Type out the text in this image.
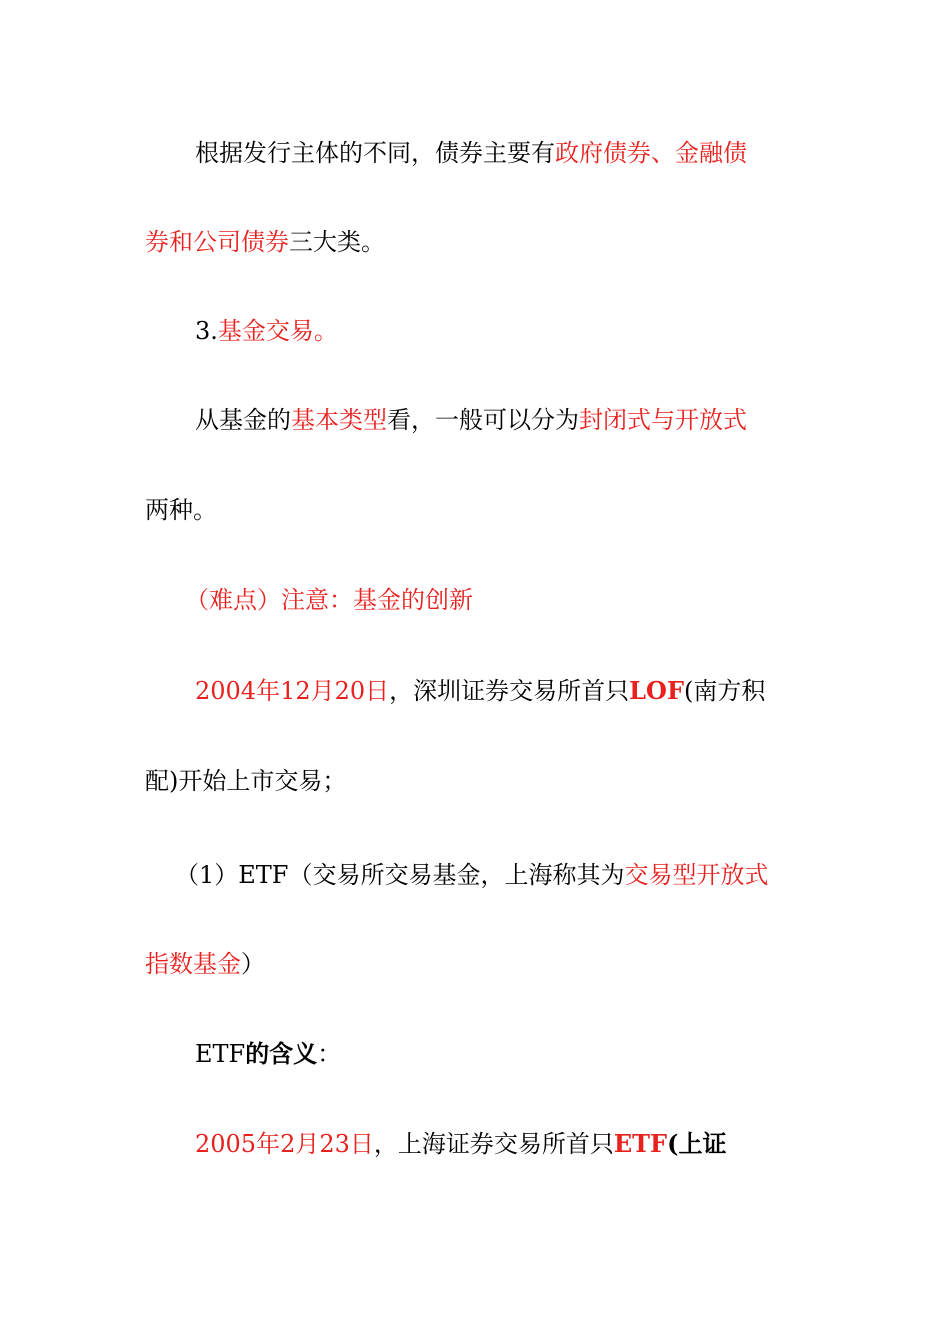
根据发行主体的不同，债券主要有政府债券、金融债
券和公司债券三大类。
3.基金交易。
从基金的基本类型看，一般可以分为封闭式与开放式
两种。
（难点）注意：基金的创新
2004年12月20日，深圳证券交易所首只LOF(南方积
配)开始上市交易；
（1）ETF（交易所交易基金，上海称其为交易型开放式
指数基金）
ETF的含义：
2005年2月23日，上海证券交易所首只ETF(上证
